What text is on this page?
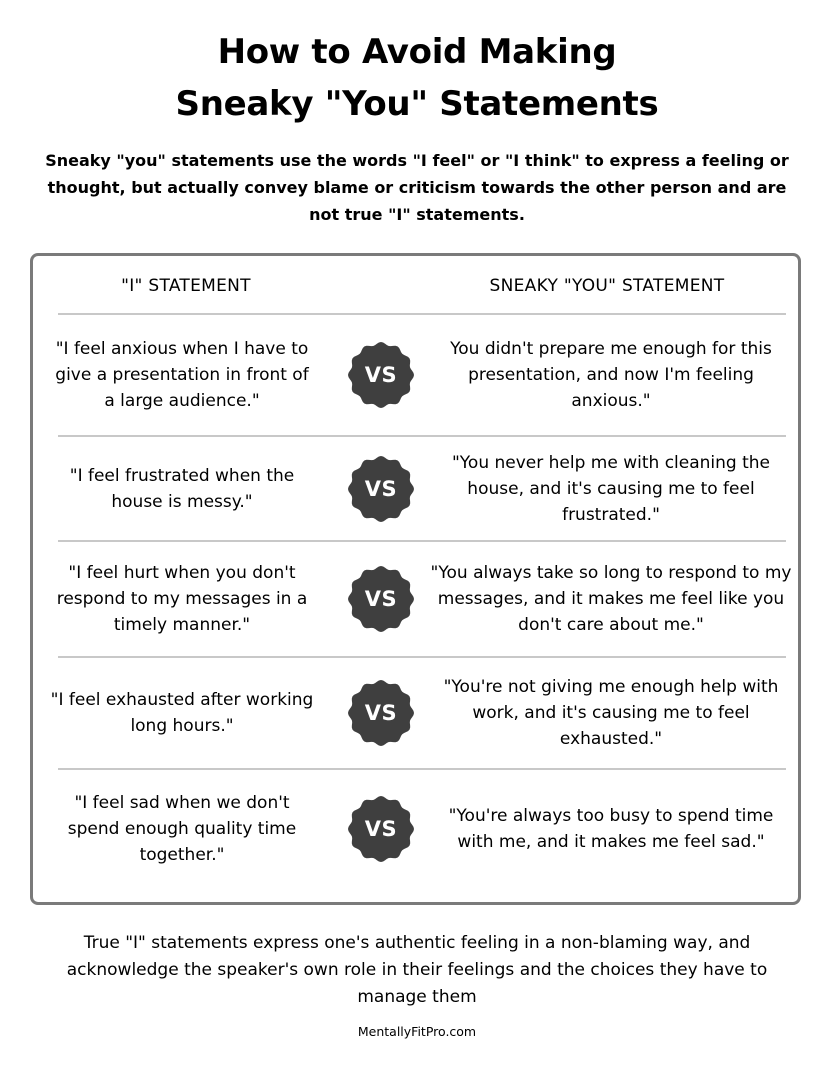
How to Avoid Making
Sneaky "You" Statements
Sneaky "you" statements use the words "I feel" or "I think" to express a feeling or thought, but actually convey blame or criticism towards the other person and are not true "I" statements.
"I" STATEMENT	SNEAKY "YOU" STATEMENT
"I feel anxious when I have to give a presentation in front of a large audience."
VS
You didn't prepare me enough for this presentation, and now I'm feeling anxious."
"I feel frustrated when the house is messy."
VS
"You never help me with cleaning the house, and it's causing me to feel frustrated."
"I feel hurt when you don't respond to my messages in a timely manner."
VS
"You always take so long to respond to my messages, and it makes me feel like you don't care about me."
"I feel exhausted after working long hours."
VS
"You're not giving me enough help with work, and it's causing me to feel exhausted."
"I feel sad when we don't spend enough quality time together."
VS
"You're always too busy to spend time with me, and it makes me feel sad."
True "I" statements express one's authentic feeling in a non-blaming way, and acknowledge the speaker's own role in their feelings and the choices they have to manage them
MentallyFitPro.com
